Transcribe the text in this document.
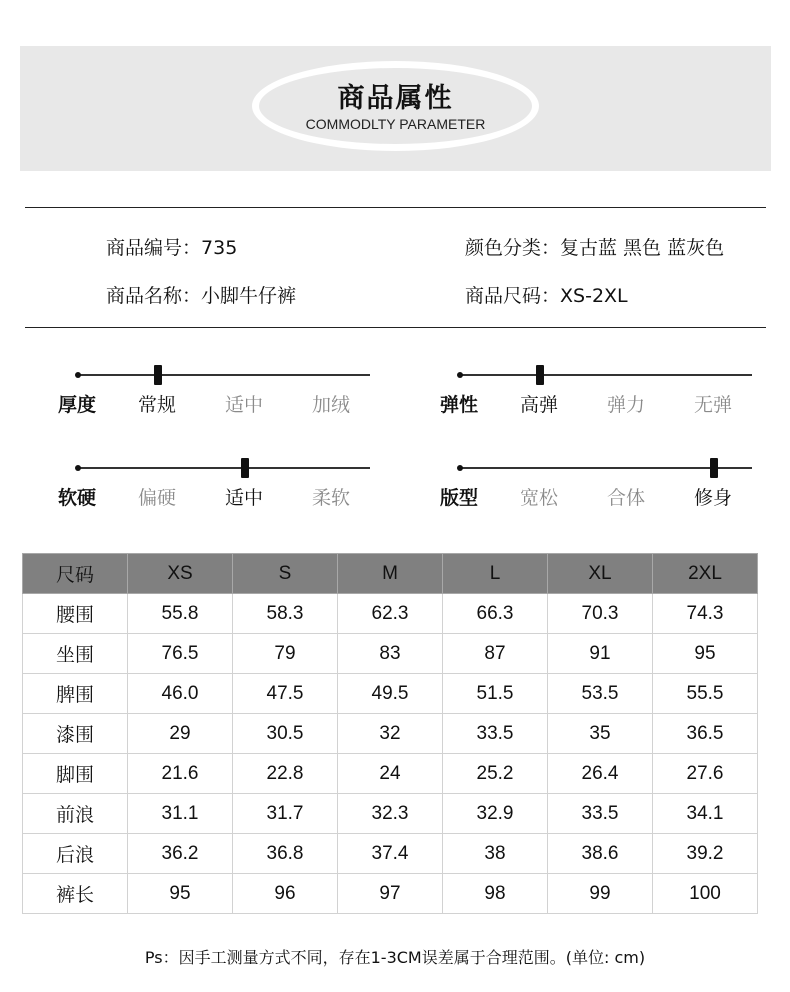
商品属性
COMMODLTY PARAMETER
商品编号：735
商品名称：小脚牛仔裤
颜色分类：复古蓝 黑色 蓝灰色
商品尺码：XS-2XL
厚度 常规	适中	加绒	弹性 高弹	弹力	无弹
软硬 偏硬	适中	柔软	版型 宽松	合体	修身
尺码	XS	S	M	L	XL	2XL
腰围	55.8	58.3	62.3	66.3	70.3	74.3
坐围	76.5	79	83	87	91	95
脾围	46.0	47.5	49.5	51.5	53.5	55.5
漆围	29	30.5	32	33.5	35	36.5
脚围	21.6	22.8	24	25.2	26.4	27.6
前浪	31.1	31.7	32.3	32.9	33.5	34.1
后浪	36.2	36.8	37.4	38	38.6	39.2
裤长	95	96	97	98	99	100
Ps：因手工测量方式不同，存在1-3CM误差属于合理范围。(单位: cm)
